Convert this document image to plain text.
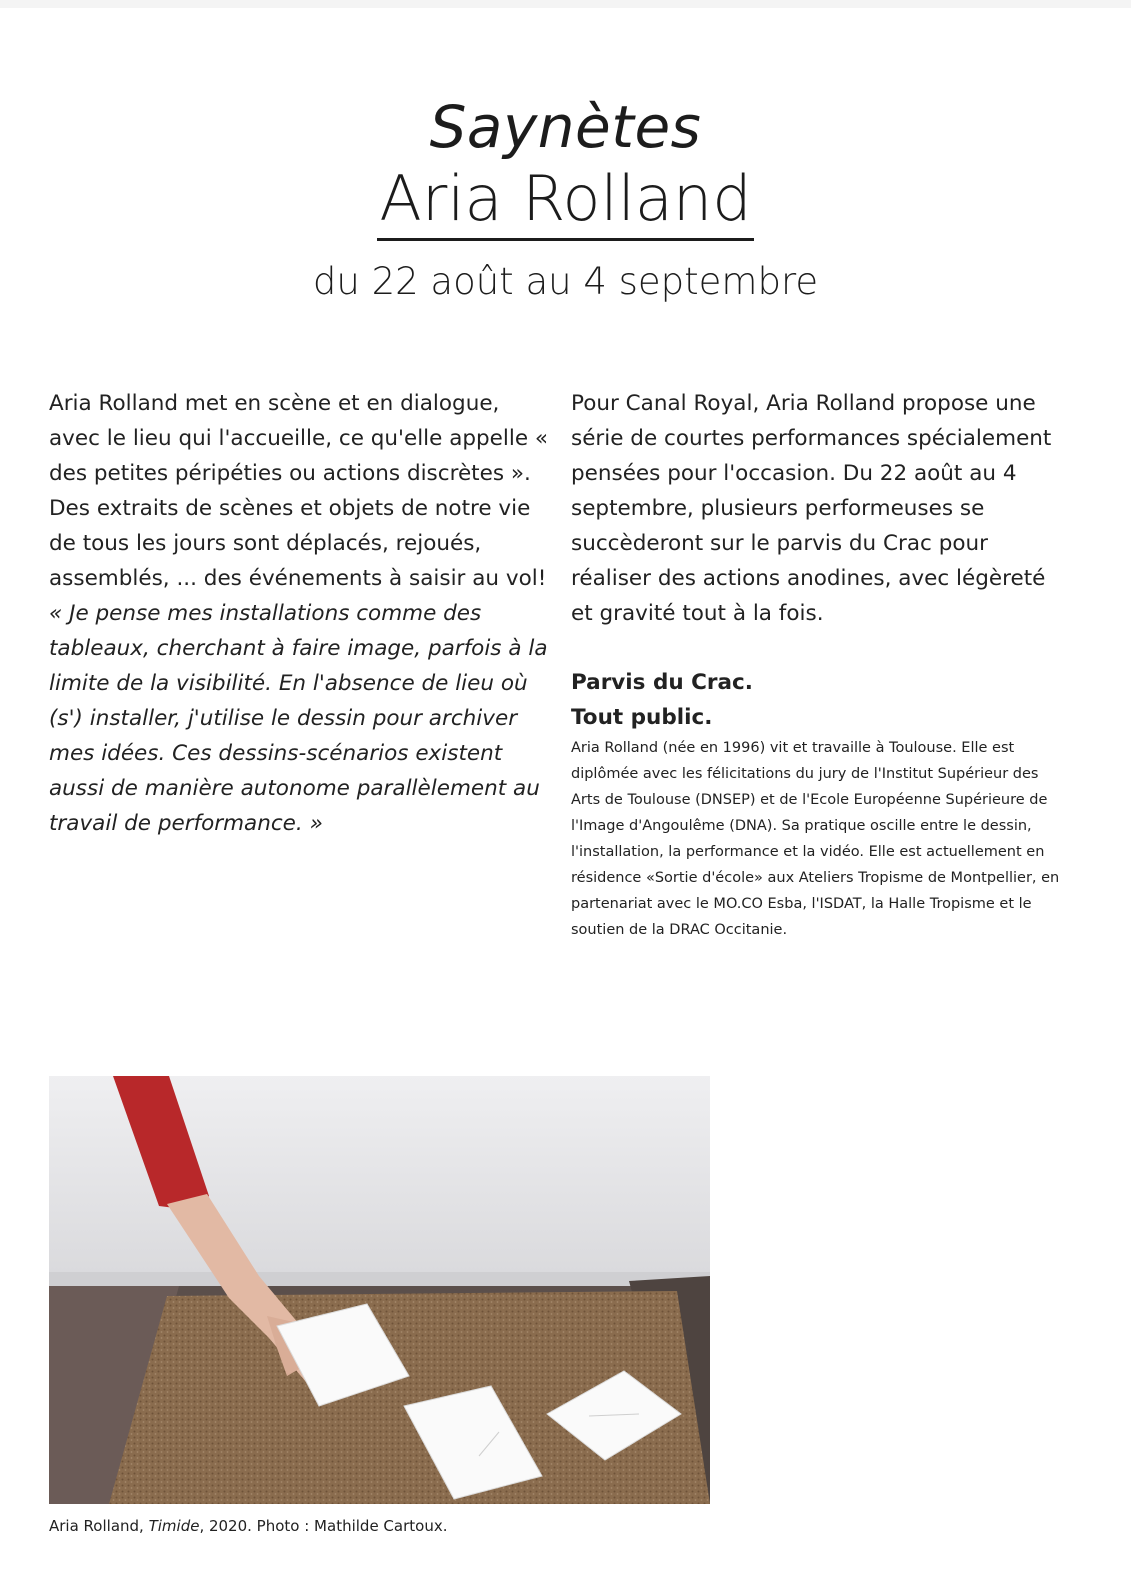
Saynètes
Aria Rolland
du 22 août au 4 septembre

Aria Rolland met en scène et en dialogue, avec le lieu qui l'accueille, ce qu'elle appelle « des petites péripéties ou actions discrètes ».

Des extraits de scènes et objets de notre vie de tous les jours sont déplacés, rejoués, assemblés, ... des événements à saisir au vol!

« Je pense mes installations comme des tableaux, cherchant à faire image, parfois à la limite de la visibilité. En l'absence de lieu où (s') installer, j'utilise le dessin pour archiver mes idées. Ces dessins-scénarios existent aussi de manière autonome parallèlement au travail de performance. »

Pour Canal Royal, Aria Rolland propose une série de courtes performances spécialement pensées pour l'occasion. Du 22 août au 4 septembre, plusieurs performeuses se succèderont sur le parvis du Crac pour réaliser des actions anodines, avec légèreté et gravité tout à la fois.

Parvis du Crac.
Tout public.

Aria Rolland (née en 1996) vit et travaille à Toulouse. Elle est diplômée avec les félicitations du jury de l'Institut Supérieur des Arts de Toulouse (DNSEP) et de l'Ecole Européenne Supérieure de l'Image d'Angoulême (DNA). Sa pratique oscille entre le dessin, l'installation, la performance et la vidéo. Elle est actuellement en résidence «Sortie d'école» aux Ateliers Tropisme de Montpellier, en partenariat avec le MO.CO Esba, l'ISDAT, la Halle Tropisme et le soutien de la DRAC Occitanie.

Aria Rolland, Timide, 2020. Photo : Mathilde Cartoux.
